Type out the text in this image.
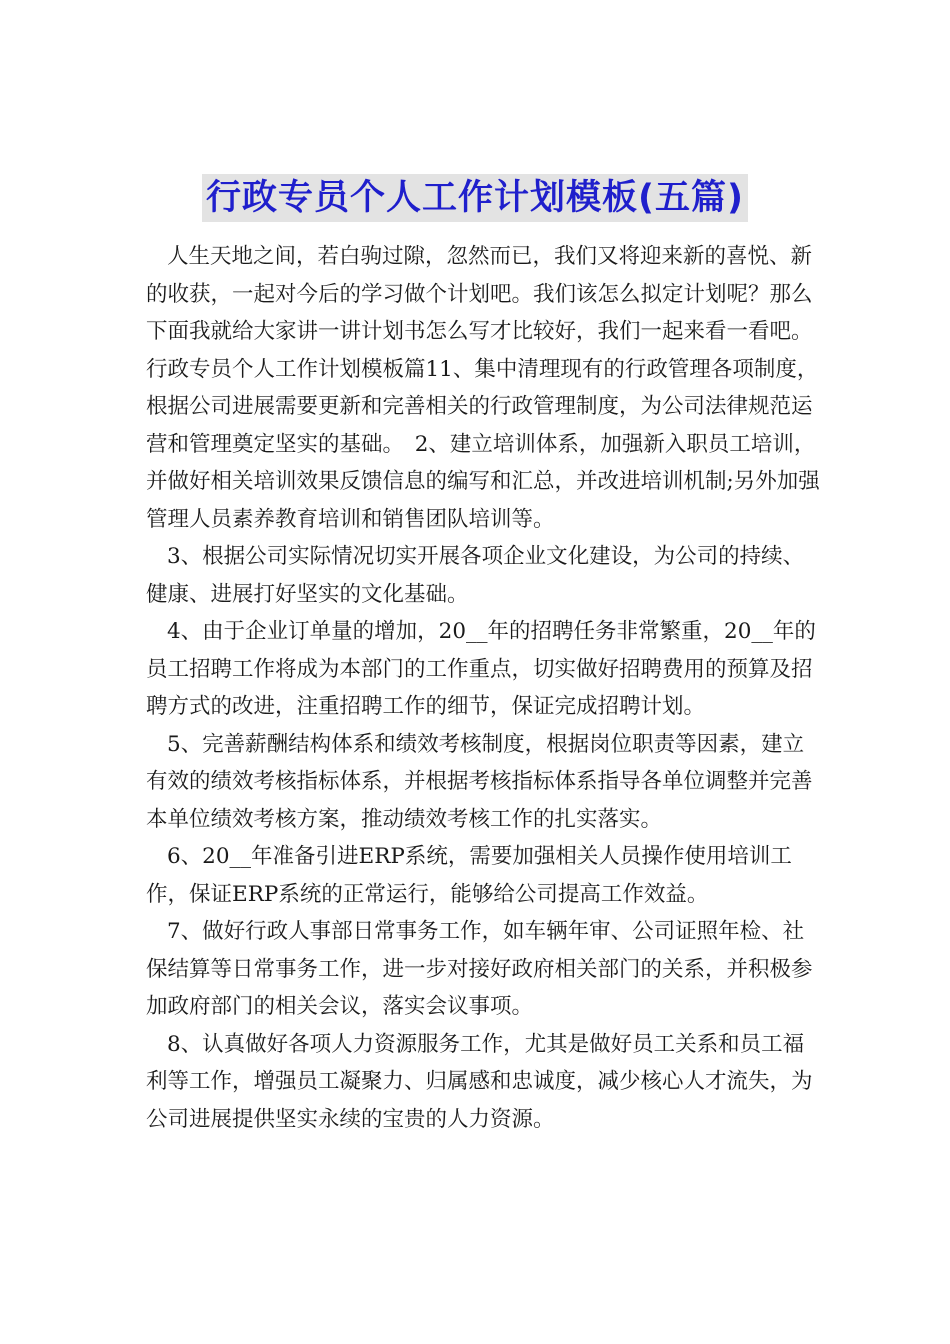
行政专员个人工作计划模板(五篇)

人生天地之间，若白驹过隙，忽然而已，我们又将迎来新的喜悦、新的收获，一起对今后的学习做个计划吧。我们该怎么拟定计划呢？那么下面我就给大家讲一讲计划书怎么写才比较好，我们一起来看一看吧。

行政专员个人工作计划模板篇11、集中清理现有的行政管理各项制度，根据公司进展需要更新和完善相关的行政管理制度，为公司法律规范运营和管理奠定坚实的基础。　2、建立培训体系，加强新入职员工培训，并做好相关培训效果反馈信息的编写和汇总，并改进培训机制;另外加强管理人员素养教育培训和销售团队培训等。

3、根据公司实际情况切实开展各项企业文化建设，为公司的持续、健康、进展打好坚实的文化基础。

4、由于企业订单量的增加，20__年的招聘任务非常繁重，20__年的员工招聘工作将成为本部门的工作重点，切实做好招聘费用的预算及招聘方式的改进，注重招聘工作的细节，保证完成招聘计划。

5、完善薪酬结构体系和绩效考核制度，根据岗位职责等因素，建立有效的绩效考核指标体系，并根据考核指标体系指导各单位调整并完善本单位绩效考核方案，推动绩效考核工作的扎实落实。

6、20__年准备引进ERP系统，需要加强相关人员操作使用培训工作，保证ERP系统的正常运行，能够给公司提高工作效益。

7、做好行政人事部日常事务工作，如车辆年审、公司证照年检、社保结算等日常事务工作，进一步对接好政府相关部门的关系，并积极参加政府部门的相关会议，落实会议事项。

8、认真做好各项人力资源服务工作，尤其是做好员工关系和员工福利等工作，增强员工凝聚力、归属感和忠诚度，减少核心人才流失，为公司进展提供坚实永续的宝贵的人力资源。
